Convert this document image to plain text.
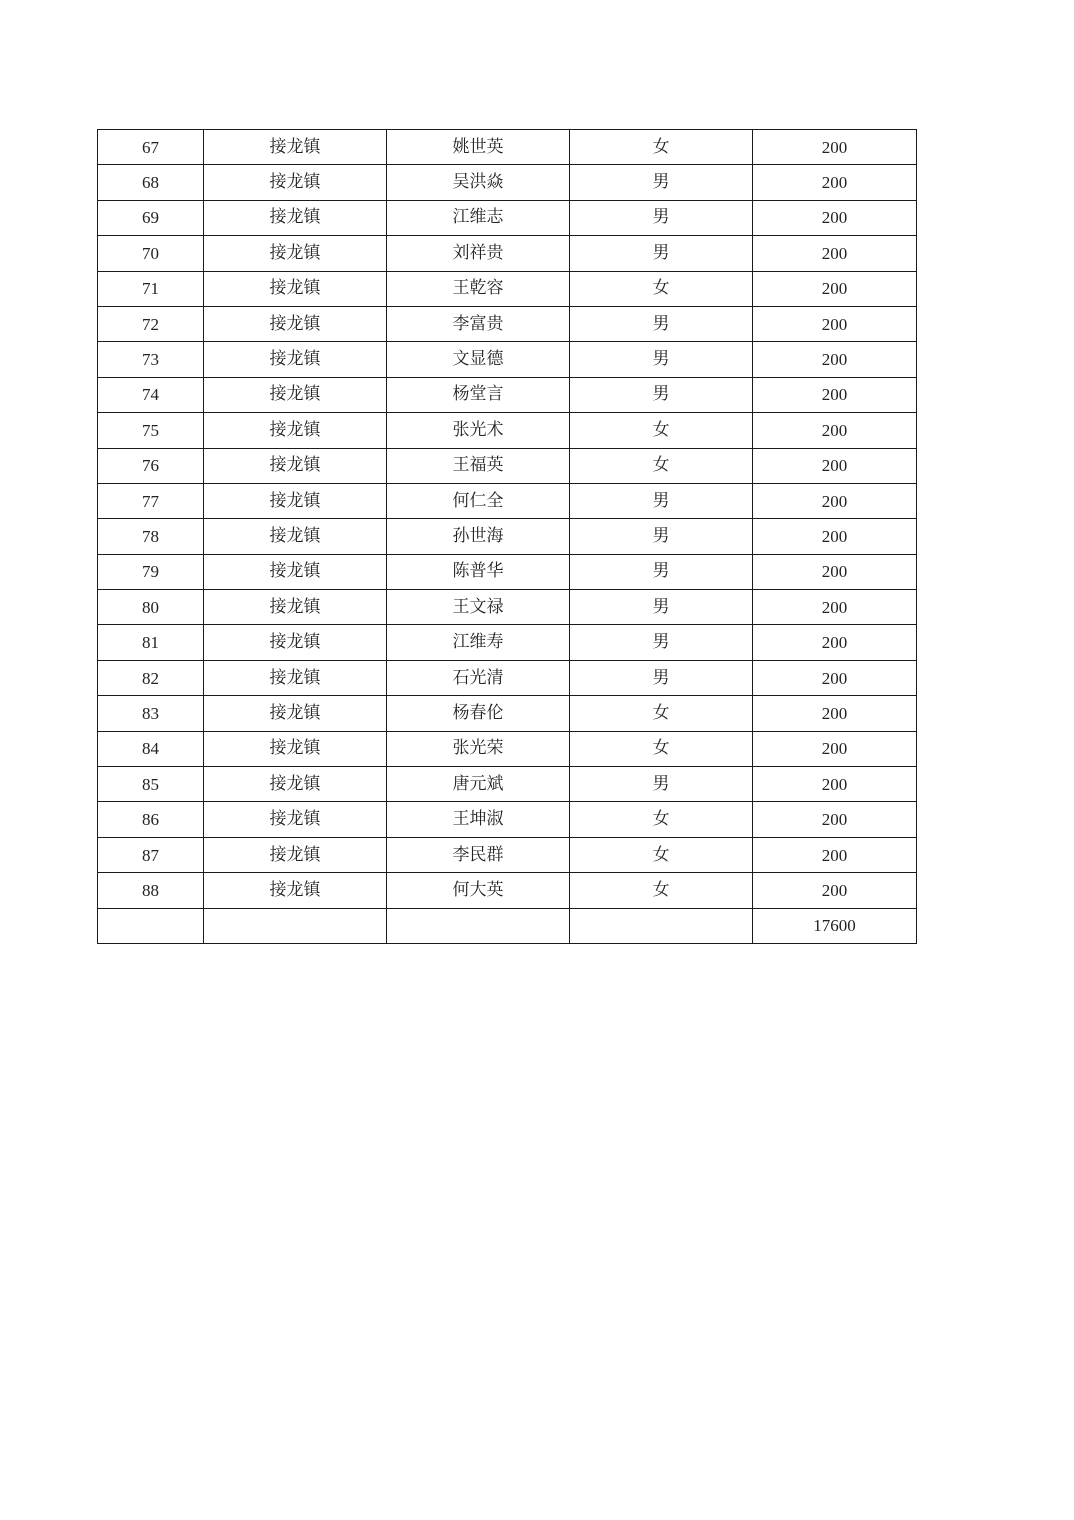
67	接龙镇	姚世英	女	200
68	接龙镇	吴洪焱	男	200
69	接龙镇	江维志	男	200
70	接龙镇	刘祥贵	男	200
71	接龙镇	王乾容	女	200
72	接龙镇	李富贵	男	200
73	接龙镇	文显德	男	200
74	接龙镇	杨堂言	男	200
75	接龙镇	张光术	女	200
76	接龙镇	王福英	女	200
77	接龙镇	何仁全	男	200
78	接龙镇	孙世海	男	200
79	接龙镇	陈普华	男	200
80	接龙镇	王文禄	男	200
81	接龙镇	江维寿	男	200
82	接龙镇	石光清	男	200
83	接龙镇	杨春伦	女	200
84	接龙镇	张光荣	女	200
85	接龙镇	唐元斌	男	200
86	接龙镇	王坤淑	女	200
87	接龙镇	李民群	女	200
88	接龙镇	何大英	女	200
				17600
